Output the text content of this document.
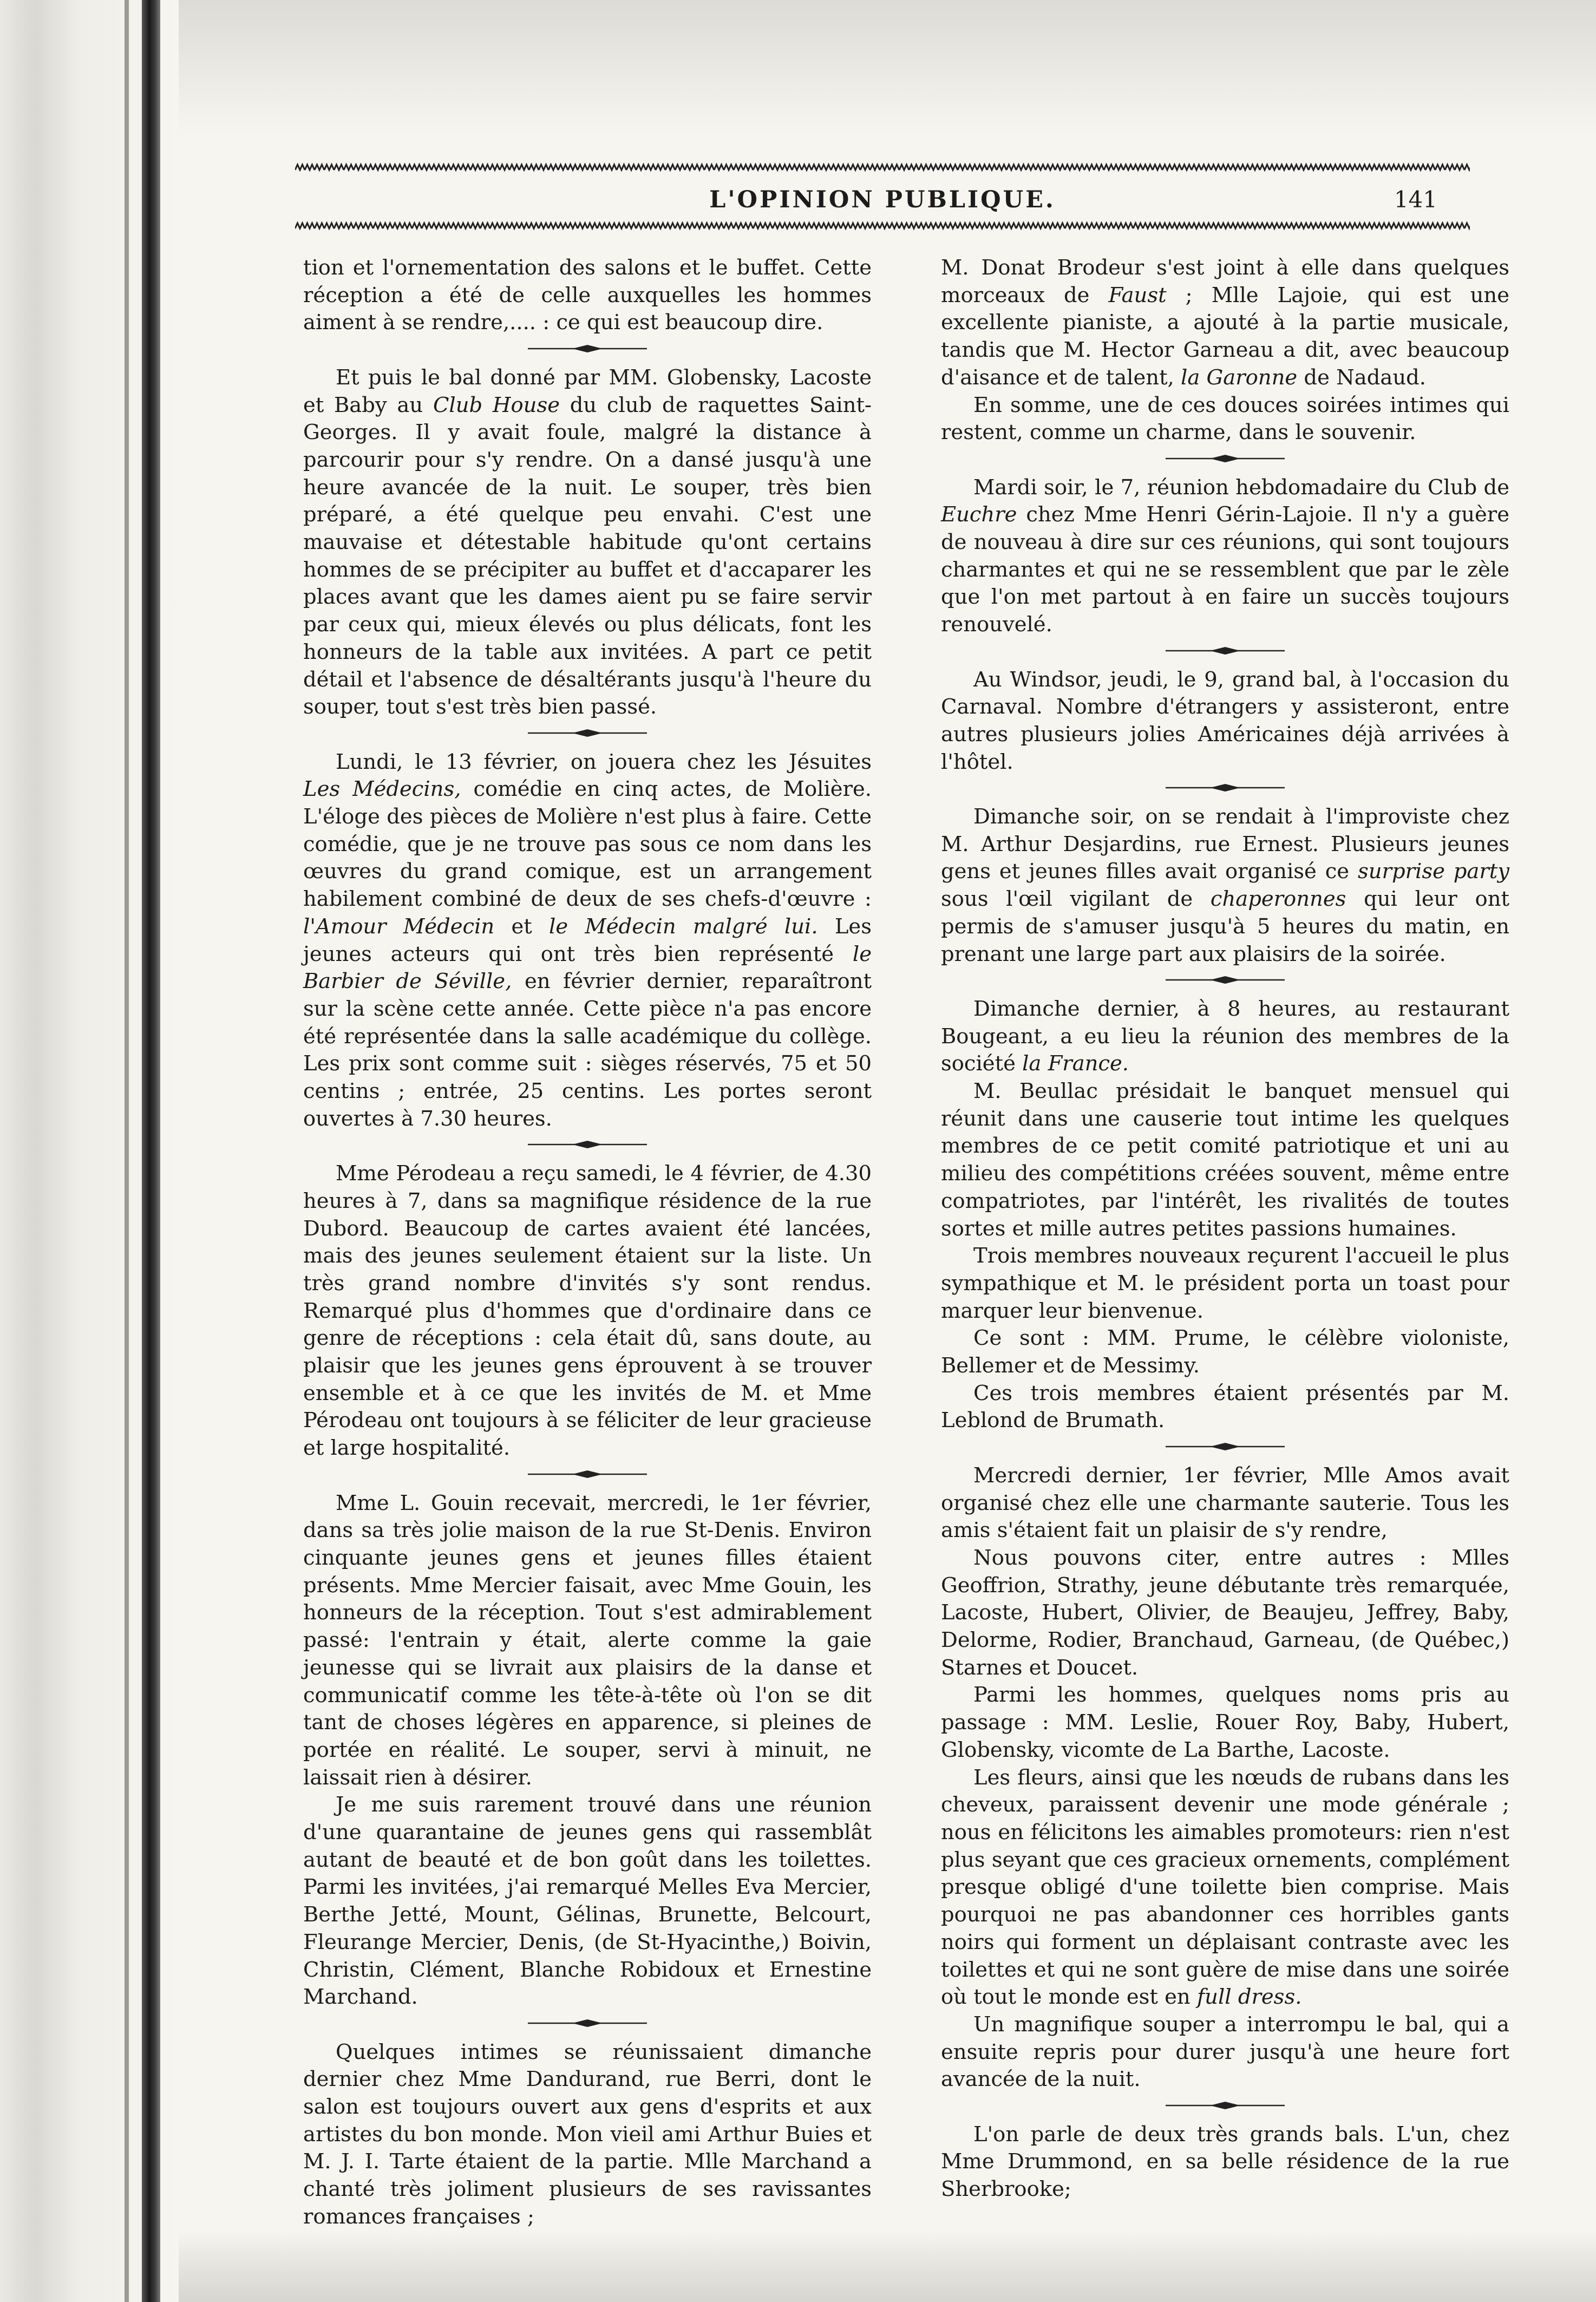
L'OPINION PUBLIQUE.	141

tion et l'ornementation des salons et le buffet. Cette réception a été de celle auxquelles les hommes aiment à se rendre,.... : ce qui est beaucoup dire.

Et puis le bal donné par MM. Globensky, Lacoste et Baby au Club House du club de raquettes Saint-Georges. Il y avait foule, malgré la distance à parcourir pour s'y rendre. On a dansé jusqu'à une heure avancée de la nuit. Le souper, très bien préparé, a été quelque peu envahi. C'est une mauvaise et détestable habitude qu'ont certains hommes de se précipiter au buffet et d'accaparer les places avant que les dames aient pu se faire servir par ceux qui, mieux élevés ou plus délicats, font les honneurs de la table aux invitées. A part ce petit détail et l'absence de désaltérants jusqu'à l'heure du souper, tout s'est très bien passé.

Lundi, le 13 février, on jouera chez les Jésuites Les Médecins, comédie en cinq actes, de Molière. L'éloge des pièces de Molière n'est plus à faire. Cette comédie, que je ne trouve pas sous ce nom dans les œuvres du grand comique, est un arrangement habilement combiné de deux de ses chefs-d'œuvre : l'Amour Médecin et le Médecin malgré lui. Les jeunes acteurs qui ont très bien représenté le Barbier de Séville, en février dernier, reparaîtront sur la scène cette année. Cette pièce n'a pas encore été représentée dans la salle académique du collège. Les prix sont comme suit : sièges réservés, 75 et 50 centins ; entrée, 25 centins. Les portes seront ouvertes à 7.30 heures.

Mme Pérodeau a reçu samedi, le 4 février, de 4.30 heures à 7, dans sa magnifique résidence de la rue Dubord. Beaucoup de cartes avaient été lancées, mais des jeunes seulement étaient sur la liste. Un très grand nombre d'invités s'y sont rendus. Remarqué plus d'hommes que d'ordinaire dans ce genre de réceptions : cela était dû, sans doute, au plaisir que les jeunes gens éprouvent à se trouver ensemble et à ce que les invités de M. et Mme Pérodeau ont toujours à se féliciter de leur gracieuse et large hospitalité.

Mme L. Gouin recevait, mercredi, le 1er février, dans sa très jolie maison de la rue St-Denis. Environ cinquante jeunes gens et jeunes filles étaient présents. Mme Mercier faisait, avec Mme Gouin, les honneurs de la réception. Tout s'est admirablement passé: l'entrain y était, alerte comme la gaie jeunesse qui se livrait aux plaisirs de la danse et communicatif comme les tête-à-tête où l'on se dit tant de choses légères en apparence, si pleines de portée en réalité. Le souper, servi à minuit, ne laissait rien à désirer.

Je me suis rarement trouvé dans une réunion d'une quarantaine de jeunes gens qui rassemblât autant de beauté et de bon goût dans les toilettes. Parmi les invitées, j'ai remarqué Melles Eva Mercier, Berthe Jetté, Mount, Gélinas, Brunette, Belcourt, Fleurange Mercier, Denis, (de St-Hyacinthe,) Boivin, Christin, Clément, Blanche Robidoux et Ernestine Marchand.

Quelques intimes se réunissaient dimanche dernier chez Mme Dandurand, rue Berri, dont le salon est toujours ouvert aux gens d'esprits et aux artistes du bon monde. Mon vieil ami Arthur Buies et M. J. I. Tarte étaient de la partie. Mlle Marchand a chanté très joliment plusieurs de ses ravissantes romances françaises ;

M. Donat Brodeur s'est joint à elle dans quelques morceaux de Faust ; Mlle Lajoie, qui est une excellente pianiste, a ajouté à la partie musicale, tandis que M. Hector Garneau a dit, avec beaucoup d'aisance et de talent, la Garonne de Nadaud.

En somme, une de ces douces soirées intimes qui restent, comme un charme, dans le souvenir.

Mardi soir, le 7, réunion hebdomadaire du Club de Euchre chez Mme Henri Gérin-Lajoie. Il n'y a guère de nouveau à dire sur ces réunions, qui sont toujours charmantes et qui ne se ressemblent que par le zèle que l'on met partout à en faire un succès toujours renouvelé.

Au Windsor, jeudi, le 9, grand bal, à l'occasion du Carnaval. Nombre d'étrangers y assisteront, entre autres plusieurs jolies Américaines déjà arrivées à l'hôtel.

Dimanche soir, on se rendait à l'improviste chez M. Arthur Desjardins, rue Ernest. Plusieurs jeunes gens et jeunes filles avait organisé ce surprise party sous l'œil vigilant de chaperonnes qui leur ont permis de s'amuser jusqu'à 5 heures du matin, en prenant une large part aux plaisirs de la soirée.

Dimanche dernier, à 8 heures, au restaurant Bougeant, a eu lieu la réunion des membres de la société la France.

M. Beullac présidait le banquet mensuel qui réunit dans une causerie tout intime les quelques membres de ce petit comité patriotique et uni au milieu des compétitions créées souvent, même entre compatriotes, par l'intérêt, les rivalités de toutes sortes et mille autres petites passions humaines.

Trois membres nouveaux reçurent l'accueil le plus sympathique et M. le président porta un toast pour marquer leur bienvenue.

Ce sont : MM. Prume, le célèbre violoniste, Bellemer et de Messimy.

Ces trois membres étaient présentés par M. Leblond de Brumath.

Mercredi dernier, 1er février, Mlle Amos avait organisé chez elle une charmante sauterie. Tous les amis s'étaient fait un plaisir de s'y rendre,

Nous pouvons citer, entre autres : Mlles Geoffrion, Strathy, jeune débutante très remarquée, Lacoste, Hubert, Olivier, de Beaujeu, Jeffrey, Baby, Delorme, Rodier, Branchaud, Garneau, (de Québec,) Starnes et Doucet.

Parmi les hommes, quelques noms pris au passage : MM. Leslie, Rouer Roy, Baby, Hubert, Globensky, vicomte de La Barthe, Lacoste.

Les fleurs, ainsi que les nœuds de rubans dans les cheveux, paraissent devenir une mode générale ; nous en félicitons les aimables promoteurs: rien n'est plus seyant que ces gracieux ornements, complément presque obligé d'une toilette bien comprise. Mais pourquoi ne pas abandonner ces horribles gants noirs qui forment un déplaisant contraste avec les toilettes et qui ne sont guère de mise dans une soirée où tout le monde est en full dress.

Un magnifique souper a interrompu le bal, qui a ensuite repris pour durer jusqu'à une heure fort avancée de la nuit.

L'on parle de deux très grands bals. L'un, chez Mme Drummond, en sa belle résidence de la rue Sherbrooke;
